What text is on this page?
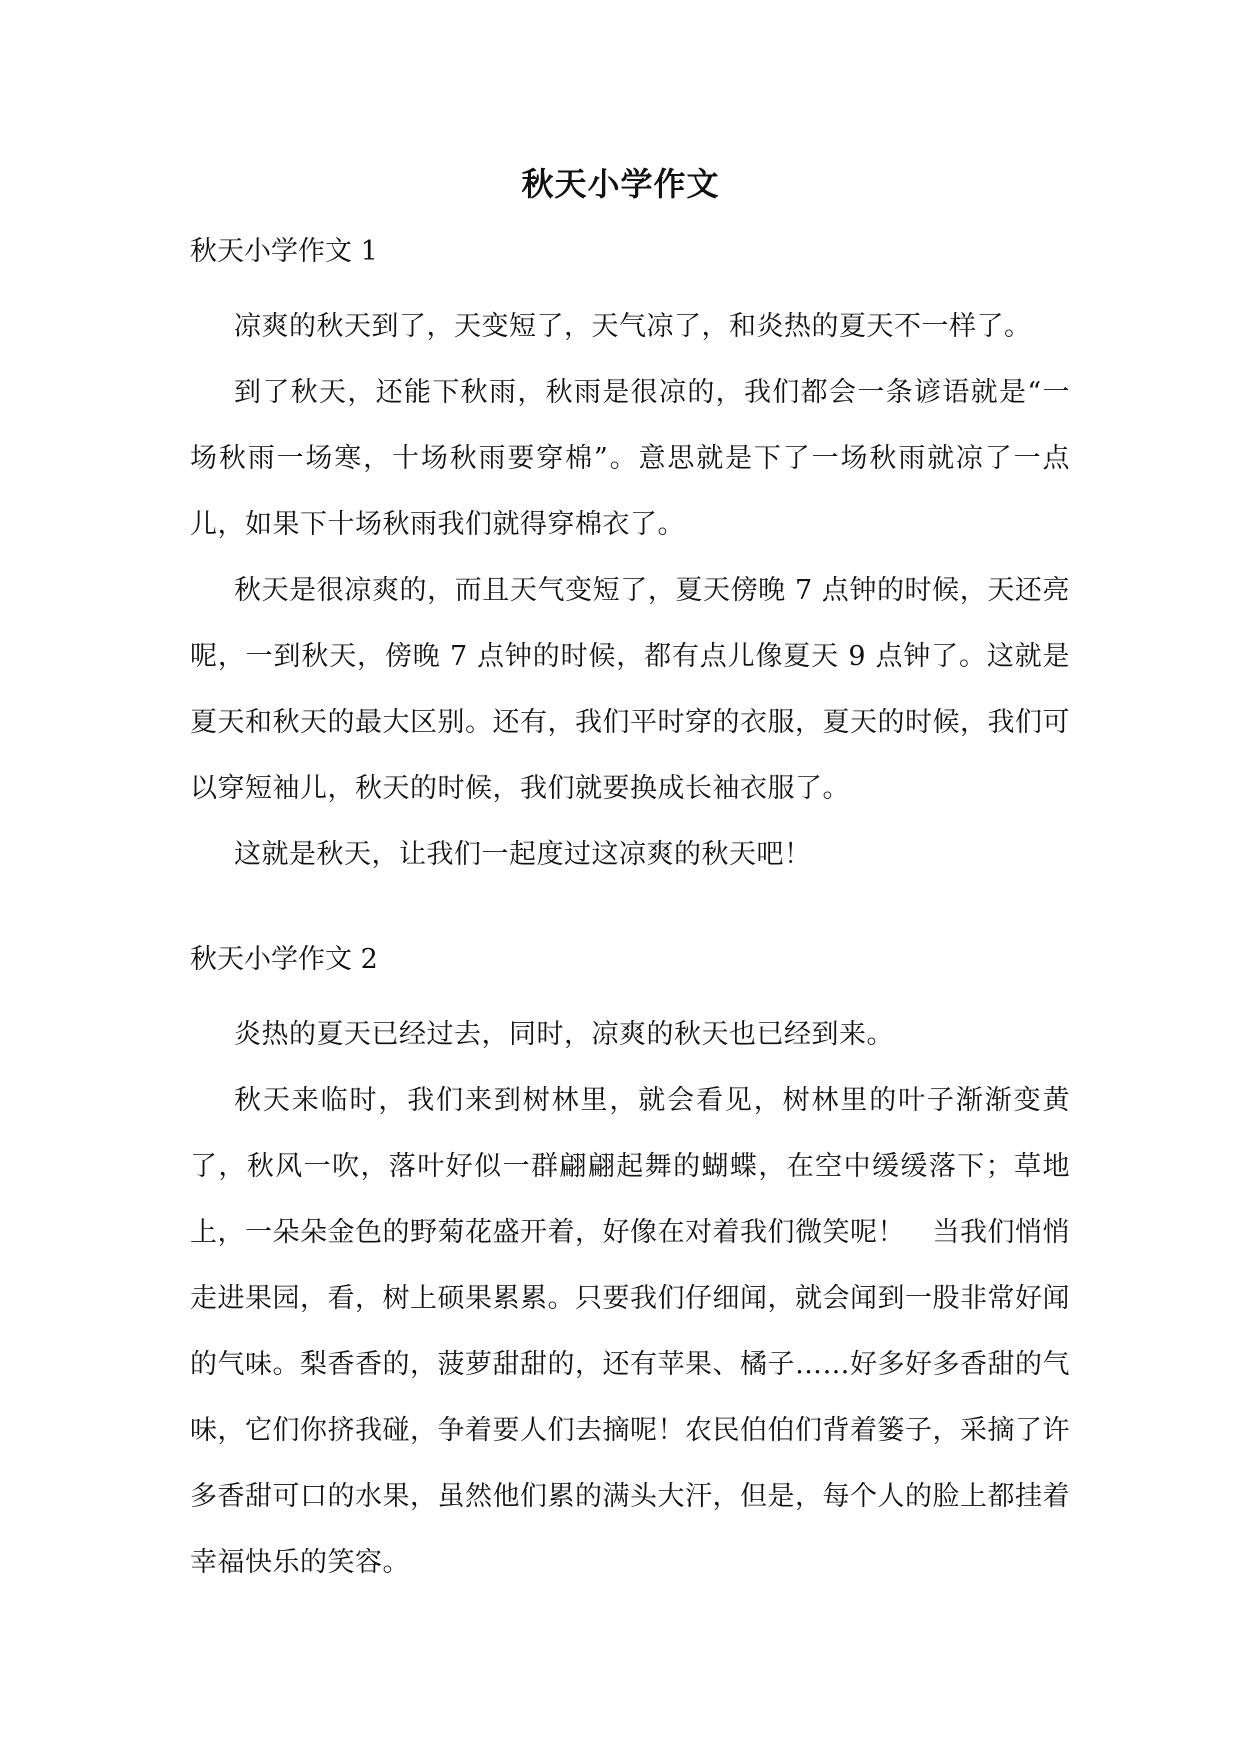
秋天小学作文
秋天小学作文 1

凉爽的秋天到了，天变短了，天气凉了，和炎热的夏天不一样了。

到了秋天，还能下秋雨，秋雨是很凉的，我们都会一条谚语就是“一场秋雨一场寒，十场秋雨要穿棉”。意思就是下了一场秋雨就凉了一点儿，如果下十场秋雨我们就得穿棉衣了。

秋天是很凉爽的，而且天气变短了，夏天傍晚 7 点钟的时候，天还亮呢，一到秋天，傍晚 7 点钟的时候，都有点儿像夏天 9 点钟了。这就是夏天和秋天的最大区别。还有，我们平时穿的衣服，夏天的时候，我们可以穿短袖儿，秋天的时候，我们就要换成长袖衣服了。

这就是秋天，让我们一起度过这凉爽的秋天吧！

秋天小学作文 2

炎热的夏天已经过去，同时，凉爽的秋天也已经到来。

秋天来临时，我们来到树林里，就会看见，树林里的叶子渐渐变黄了，秋风一吹，落叶好似一群翩翩起舞的蝴蝶，在空中缓缓落下；草地上，一朵朵金色的野菊花盛开着，好像在对着我们微笑呢！　当我们悄悄走进果园，看，树上硕果累累。只要我们仔细闻，就会闻到一股非常好闻的气味。梨香香的，菠萝甜甜的，还有苹果、橘子……好多好多香甜的气味，它们你挤我碰，争着要人们去摘呢！农民伯伯们背着篓子，采摘了许多香甜可口的水果，虽然他们累的满头大汗，但是，每个人的脸上都挂着幸福快乐的笑容。
